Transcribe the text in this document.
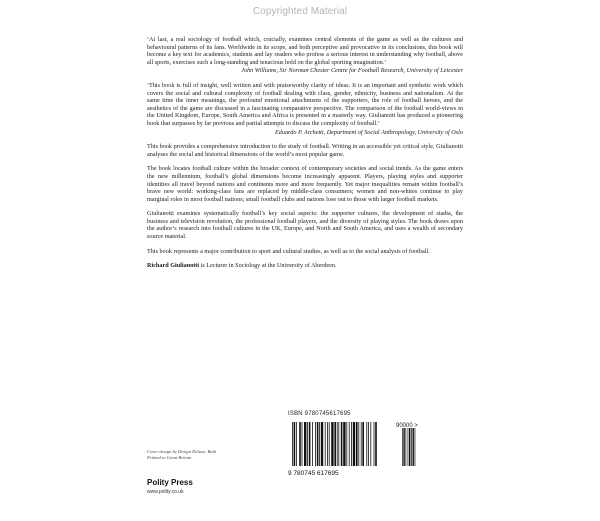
Copyrighted Material

‘At last, a real sociology of football which, crucially, examines central elements of the game as well as the cultures and behavioural patterns of its fans. Worldwide in its scope, and both perceptive and provocative in its conclusions, this book will become a key text for academics, students and lay readers who profess a serious interest in understanding why football, above all sports, exercises such a long-standing and tenacious hold on the global sporting imagination.’

John Williams, Sir Norman Chester Centre for Football Research, University of Leicester

‘This book is full of insight, well written and with praiseworthy clarity of ideas. It is an important and synthetic work which covers the social and cultural complexity of football dealing with class, gender, ethnicity, business and nationalism. At the same time the inner meanings, the profound emotional attachments of the supporters, the role of football heroes, and the aesthetics of the game are discussed in a fascinating comparative perspective. The comparison of the football world-views in the United Kingdom, Europe, South America and Africa is presented in a masterly way. Giulianotti has produced a pioneering book that surpasses by far previous and partial attempts to discuss the complexity of football.’

Eduardo P. Archetti, Department of Social Anthropology, University of Oslo

This book provides a comprehensive introduction to the study of football. Writing in an accessible yet critical style, Giulianotti analyses the social and historical dimensions of the world’s most popular game.

The book locates football culture within the broader context of contemporary societies and social trends. As the game enters the new millennium, football’s global dimensions become increasingly apparent. Players, playing styles and supporter identities all travel beyond nations and continents more and more frequently. Yet major inequalities remain within football’s brave new world: working-class fans are replaced by middle-class consumers; women and non-whites continue to play marginal roles in most football nations; small football clubs and nations lose out to those with larger football markets.

Giulianotti examines systematically football’s key social aspects: the supporter cultures, the development of stadia, the business and television revolution, the professional football players, and the diversity of playing styles. The book draws upon the author’s research into football cultures in the UK, Europe, and North and South America, and uses a wealth of secondary source material.

This book represents a major contribution to sport and cultural studies, as well as to the social analysis of football.

Richard Giulianotti is Lecturer in Sociology at the University of Aberdeen.

ISBN 9780745617695
9 780745 617695
90000 >
Cover design by Design Deluxe, Bath
Printed in Great Britain
Polity Press
www.polity.co.uk
